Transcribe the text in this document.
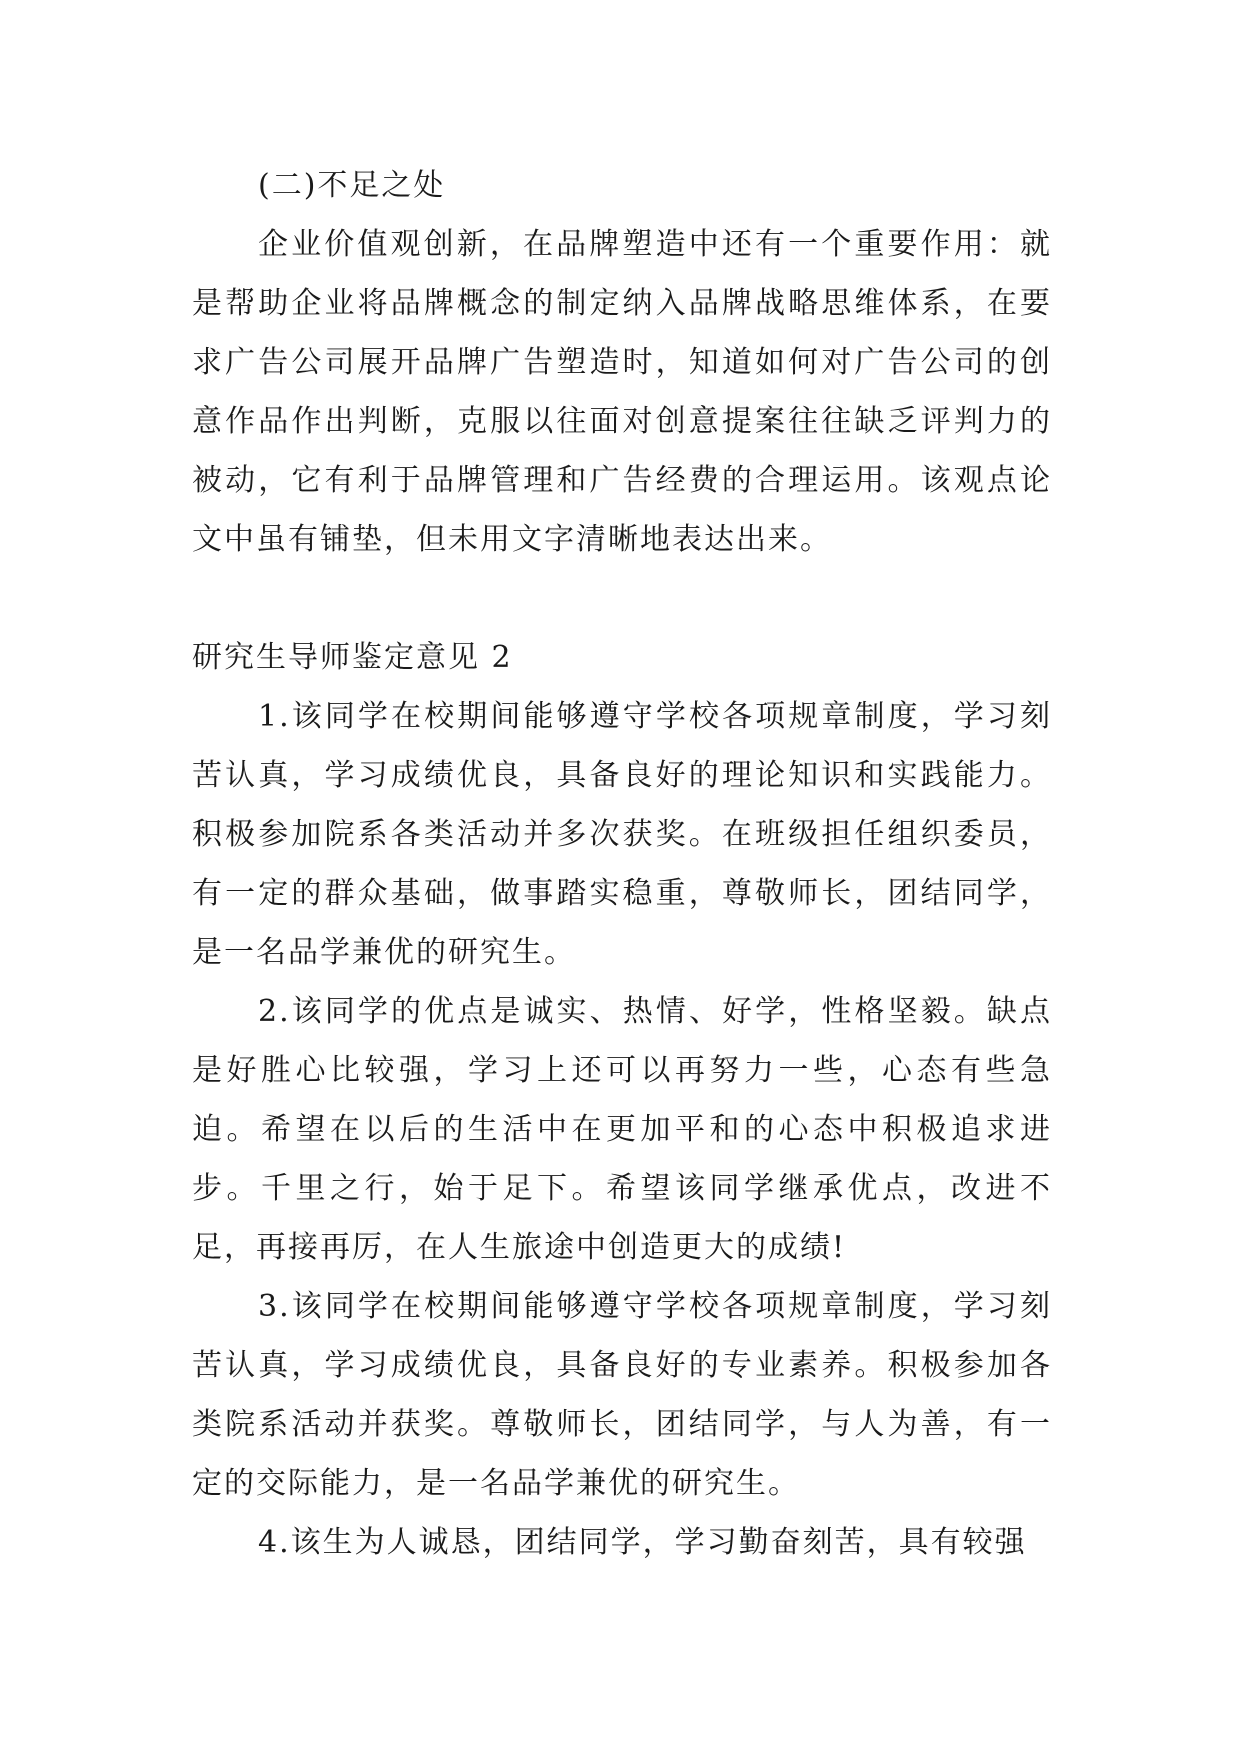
(二)不足之处

企业价值观创新，在品牌塑造中还有一个重要作用：就是帮助企业将品牌概念的制定纳入品牌战略思维体系，在要求广告公司展开品牌广告塑造时，知道如何对广告公司的创意作品作出判断，克服以往面对创意提案往往缺乏评判力的被动，它有利于品牌管理和广告经费的合理运用。该观点论文中虽有铺垫，但未用文字清晰地表达出来。

研究生导师鉴定意见 2

1.该同学在校期间能够遵守学校各项规章制度，学习刻苦认真，学习成绩优良，具备良好的理论知识和实践能力。积极参加院系各类活动并多次获奖。在班级担任组织委员，有一定的群众基础，做事踏实稳重，尊敬师长，团结同学，是一名品学兼优的研究生。

2.该同学的优点是诚实、热情、好学，性格坚毅。缺点是好胜心比较强，学习上还可以再努力一些，心态有些急迫。希望在以后的生活中在更加平和的心态中积极追求进步。千里之行，始于足下。希望该同学继承优点，改进不足，再接再厉，在人生旅途中创造更大的成绩!

3.该同学在校期间能够遵守学校各项规章制度，学习刻苦认真，学习成绩优良，具备良好的专业素养。积极参加各类院系活动并获奖。尊敬师长，团结同学，与人为善，有一定的交际能力，是一名品学兼优的研究生。

4.该生为人诚恳，团结同学，学习勤奋刻苦，具有较强
